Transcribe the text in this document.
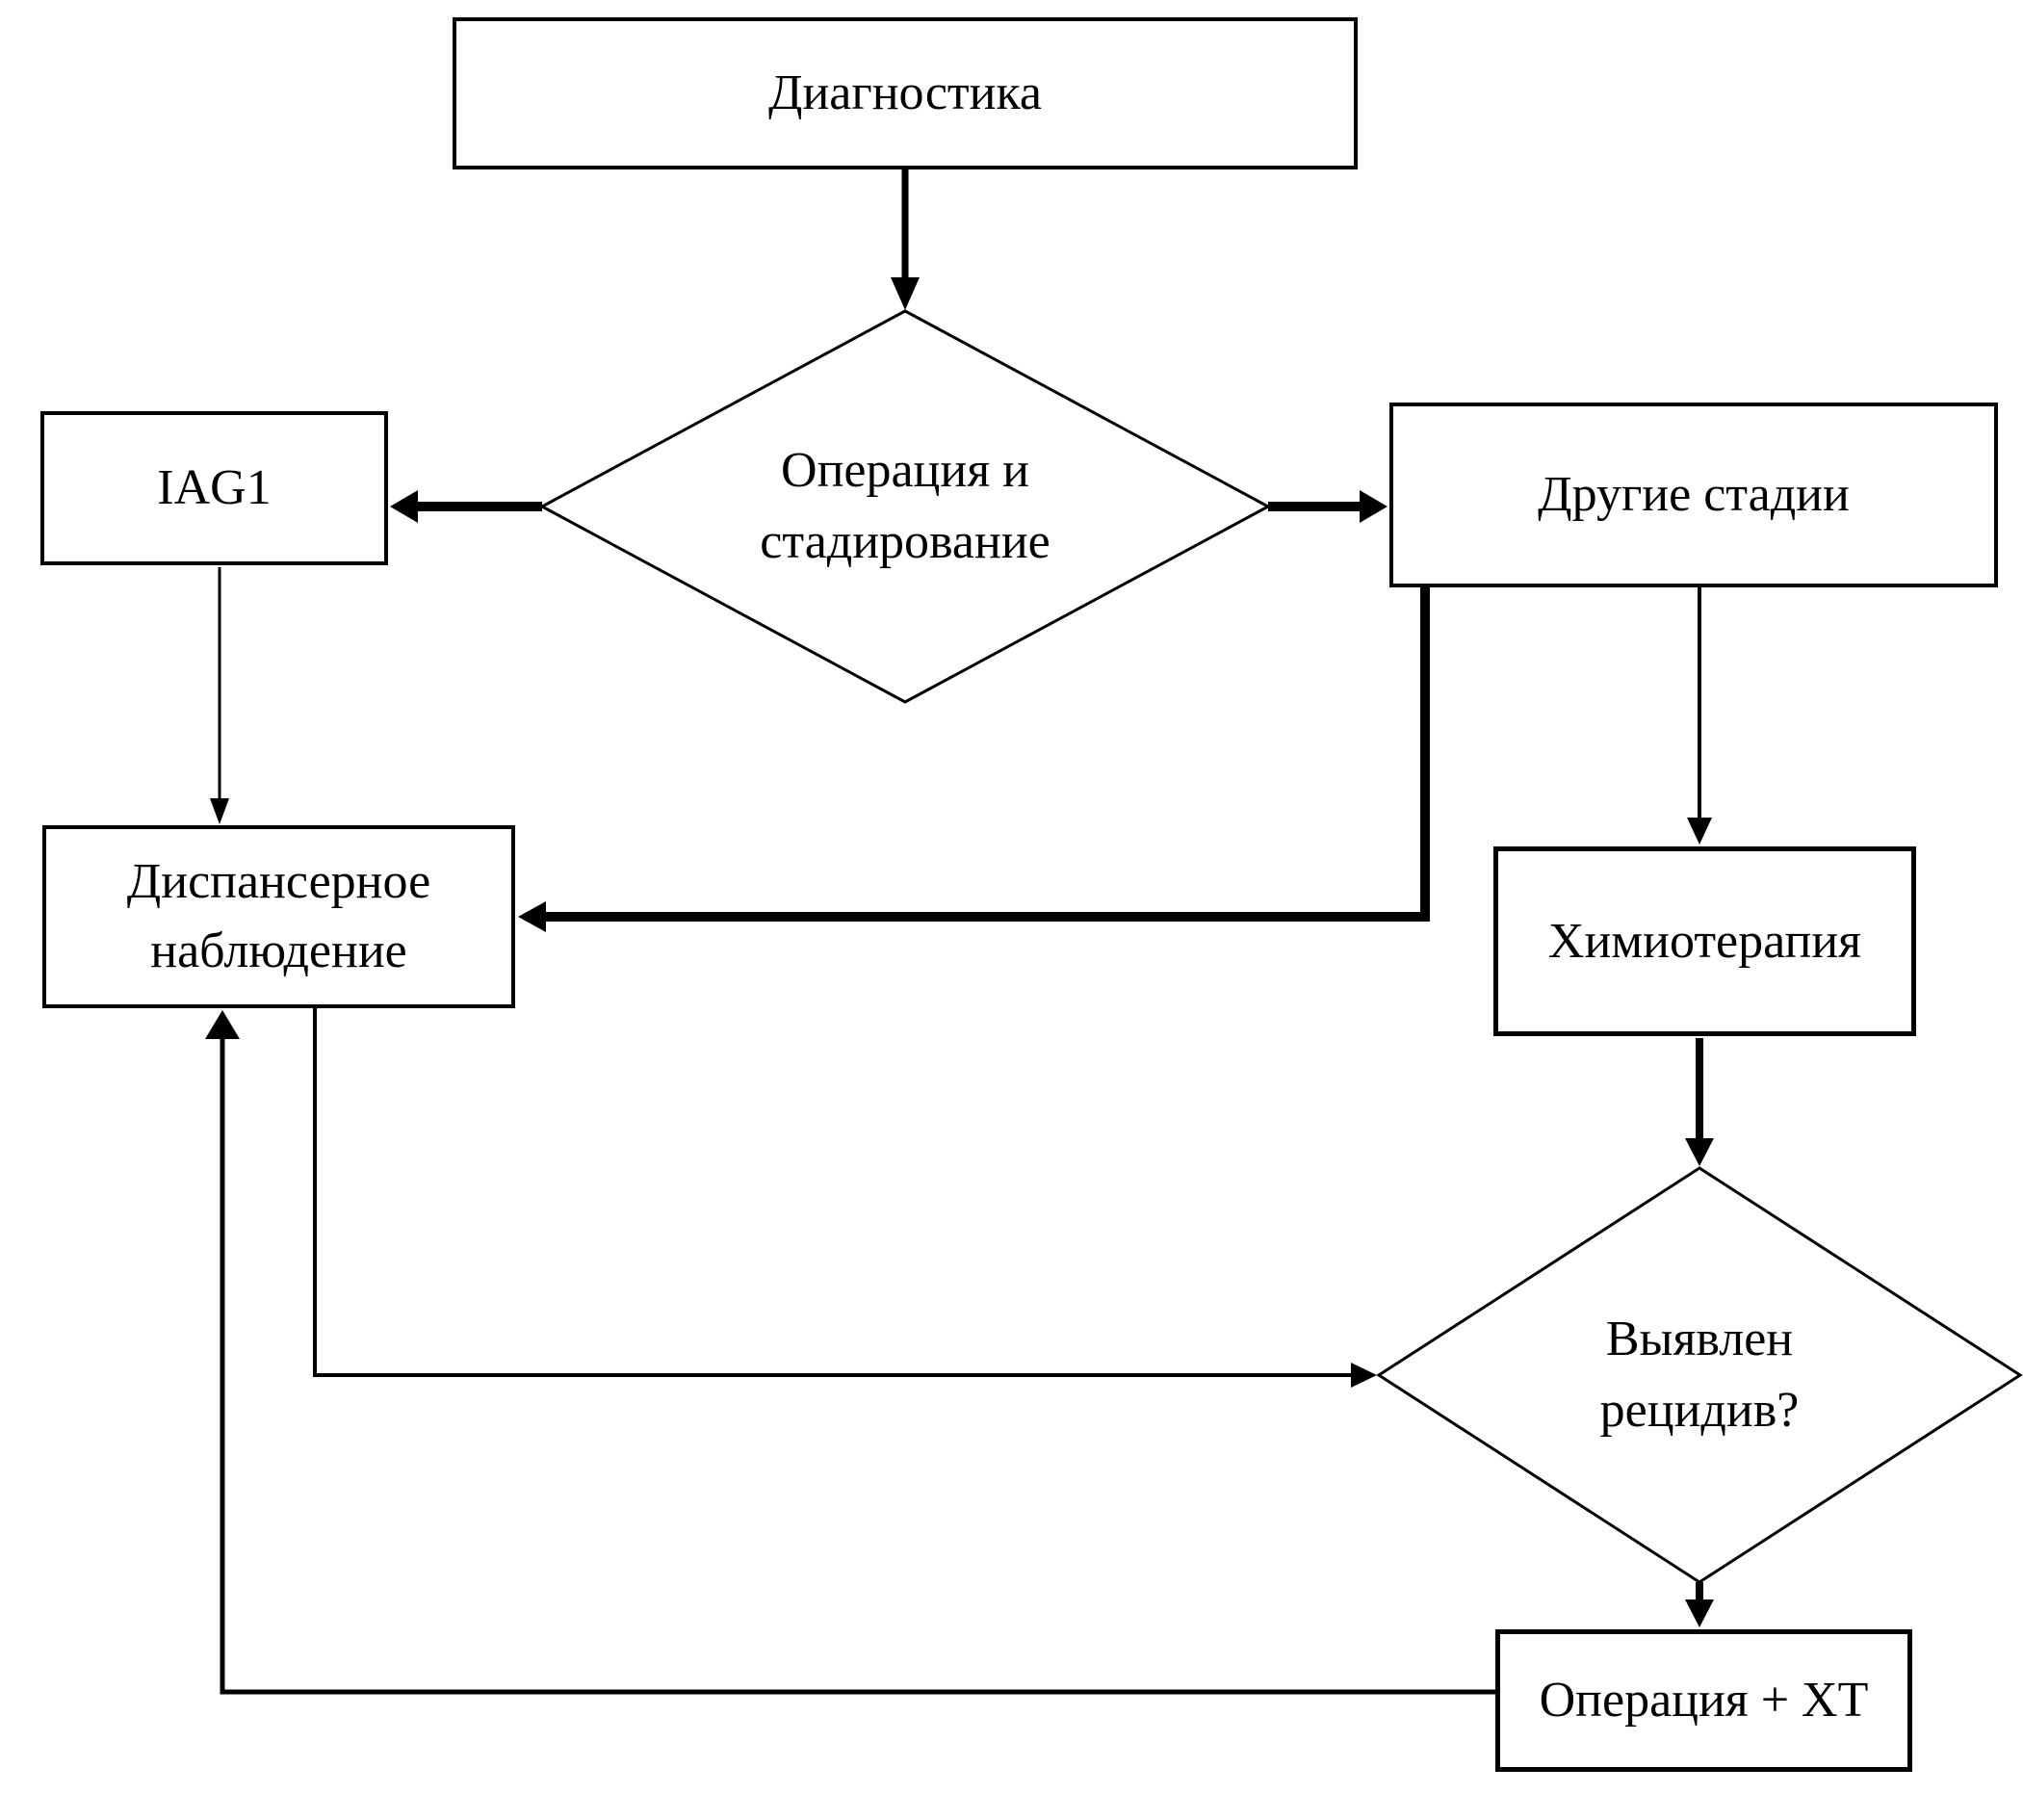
Диагностика
IAG1	Другие стадии
Диспансерное
наблюдение	Химиотерапия
Операция + ХТ
Операция и
стадирование
Выявлен
рецидив?
